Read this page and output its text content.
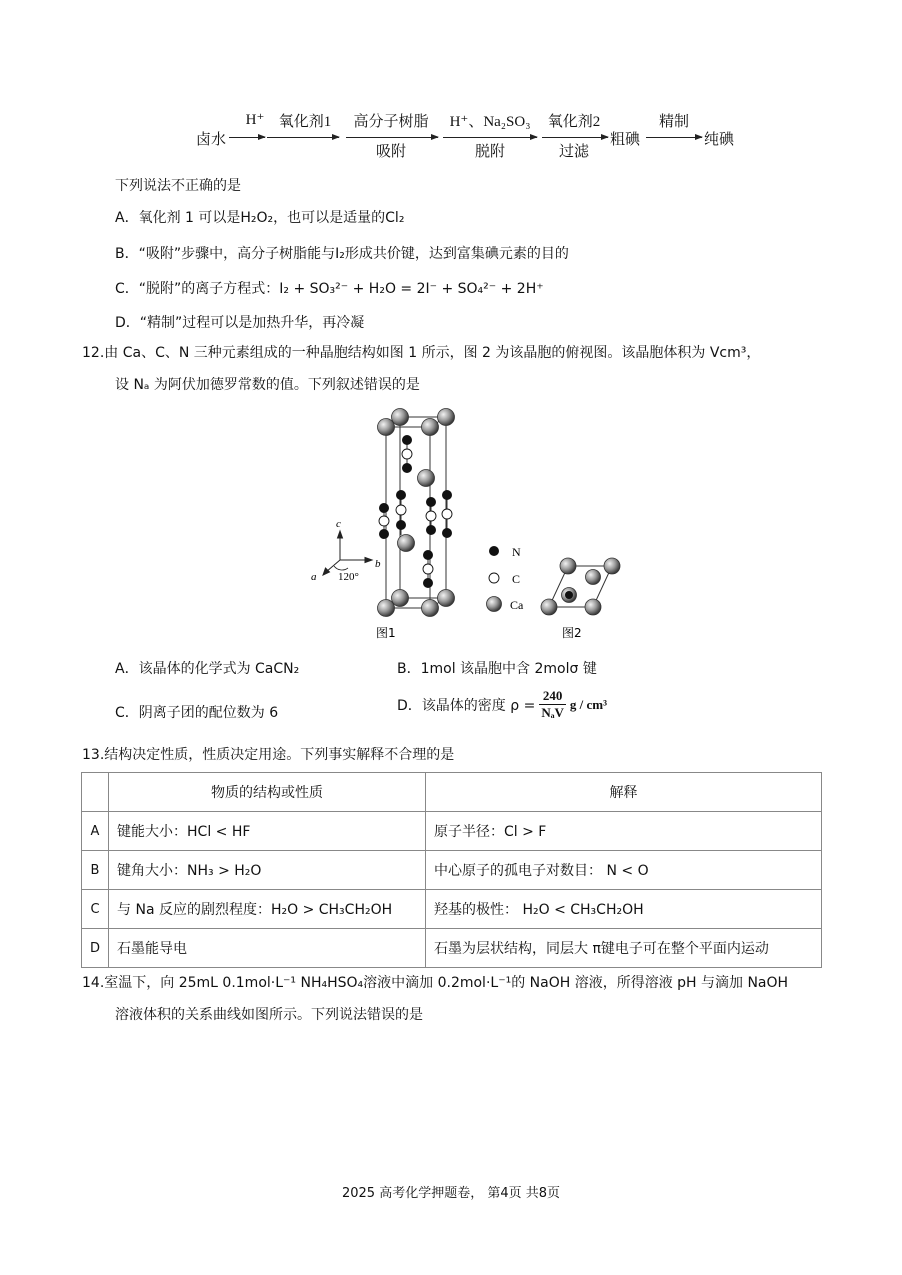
卤水
H⁺ 氧化剂1	高分子树脂
吸附
H⁺、Na₂SO₃
脱附
氧化剂2
过滤
粗碘
精制
纯碘
下列说法不正确的是
A．氧化剂 1 可以是H₂O₂，也可以是适量的Cl₂
B．“吸附”步骤中，高分子树脂能与I₂形成共价键，达到富集碘元素的目的
C．“脱附”的离子方程式：I₂ + SO₃²⁻ + H₂O = 2I⁻ + SO₄²⁻ + 2H⁺
D．“精制”过程可以是加热升华，再冷凝
12.由 Ca、C、N 三种元素组成的一种晶胞结构如图 1 所示，图 2 为该晶胞的俯视图。该晶胞体积为 Vcm³，
设 Nₐ 为阿伏加德罗常数的值。下列叙述错误的是
c
b
a 120°
N
C
Ca
图1	图2
A．该晶体的化学式为 CaCN₂	B．1mol 该晶胞中含 2molσ 键
C．阴离子团的配位数为 6	D．该晶体的密度 $\rho = \frac{240}{\text{NₐV}}$ g / cm³
13.结构决定性质，性质决定用途。下列事实解释不合理的是
	物质的结构或性质	解释
A	键能大小：HCl < HF	原子半径：Cl > F
B	键角大小：NH₃ > H₂O	中心原子的孤电子对数目： N < O
C	与 Na 反应的剧烈程度：H₂O > CH₃CH₂OH	羟基的极性： H₂O < CH₃CH₂OH
D	石墨能导电	石墨为层状结构，同层大 π键电子可在整个平面内运动
14.室温下，向 25mL 0.1mol·L⁻¹ NH₄HSO₄溶液中滴加 0.2mol·L⁻¹的 NaOH 溶液，所得溶液 pH 与滴加 NaOH
溶液体积的关系曲线如图所示。下列说法错误的是
2025 高考化学押题卷， 第4页 共8页
